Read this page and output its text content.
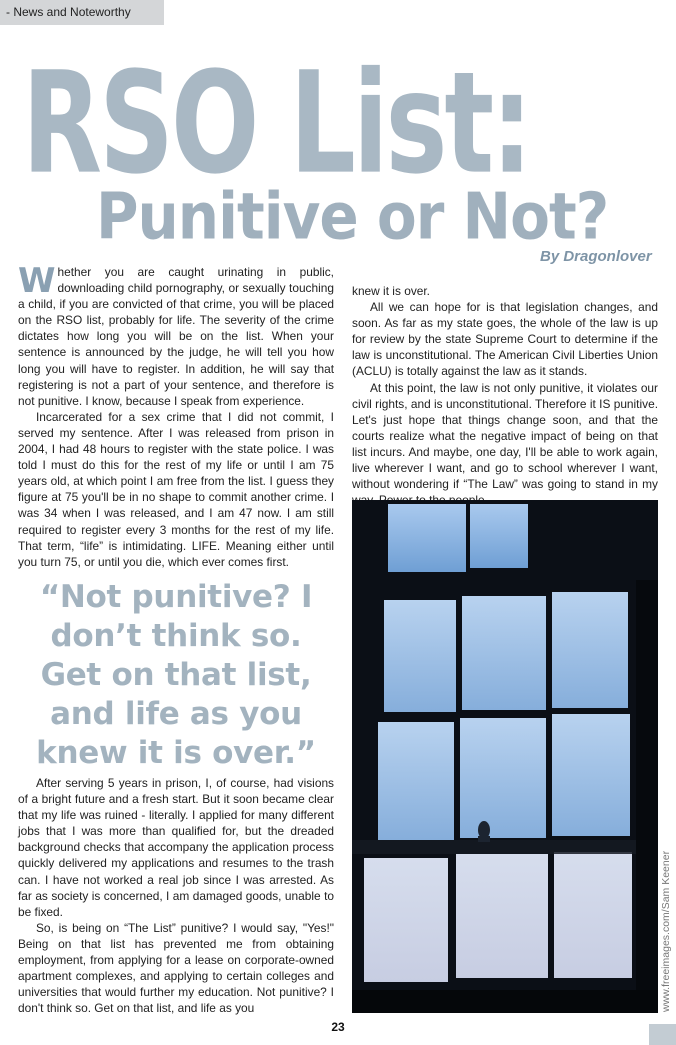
- News and Noteworthy
RSO List:
Punitive or Not?
By Dragonlover

Whether you are caught urinating in public, downloading child pornography, or sexually touching a child, if you are convicted of that crime, you will be placed on the RSO list, probably for life. The severity of the crime dictates how long you will be on the list. When your sentence is announced by the judge, he will tell you how long you will have to register. In addition, he will say that registering is not a part of your sentence, and therefore is not punitive. I know, because I speak from experience.

Incarcerated for a sex crime that I did not commit, I served my sentence. After I was released from prison in 2004, I had 48 hours to register with the state police. I was told I must do this for the rest of my life or until I am 75 years old, at which point I am free from the list. I guess they figure at 75 you'll be in no shape to commit another crime. I was 34 when I was released, and I am 47 now. I am still required to register every 3 months for the rest of my life. That term, “life” is intimidating. LIFE. Meaning either until you turn 75, or until you die, which ever comes first.

“Not punitive? I don’t think so. Get on that list, and life as you knew it is over.”

After serving 5 years in prison, I, of course, had visions of a bright future and a fresh start. But it soon became clear that my life was ruined - literally. I applied for many different jobs that I was more than qualified for, but the dreaded background checks that accompany the application process quickly delivered my applications and resumes to the trash can. I have not worked a real job since I was arrested. As far as society is concerned, I am damaged goods, unable to be fixed.

So, is being on “The List” punitive? I would say, "Yes!" Being on that list has prevented me from obtaining employment, from applying for a lease on corporate-owned apartment complexes, and applying to certain colleges and universities that would further my education. Not punitive? I don't think so. Get on that list, and life as you

knew it is over.

All we can hope for is that legislation changes, and soon. As far as my state goes, the whole of the law is up for review by the state Supreme Court to determine if the law is unconstitutional. The American Civil Liberties Union (ACLU) is totally against the law as it stands.

At this point, the law is not only punitive, it violates our civil rights, and is unconstitutional. Therefore it IS punitive. Let's just hope that things change soon, and that the courts realize what the negative impact of being on that list incurs. And maybe, one day, I'll be able to work again, live wherever I want, and go to school wherever I want, without wondering if “The Law” was going to stand in my

www.freeimages.com/Sam Keener
23
